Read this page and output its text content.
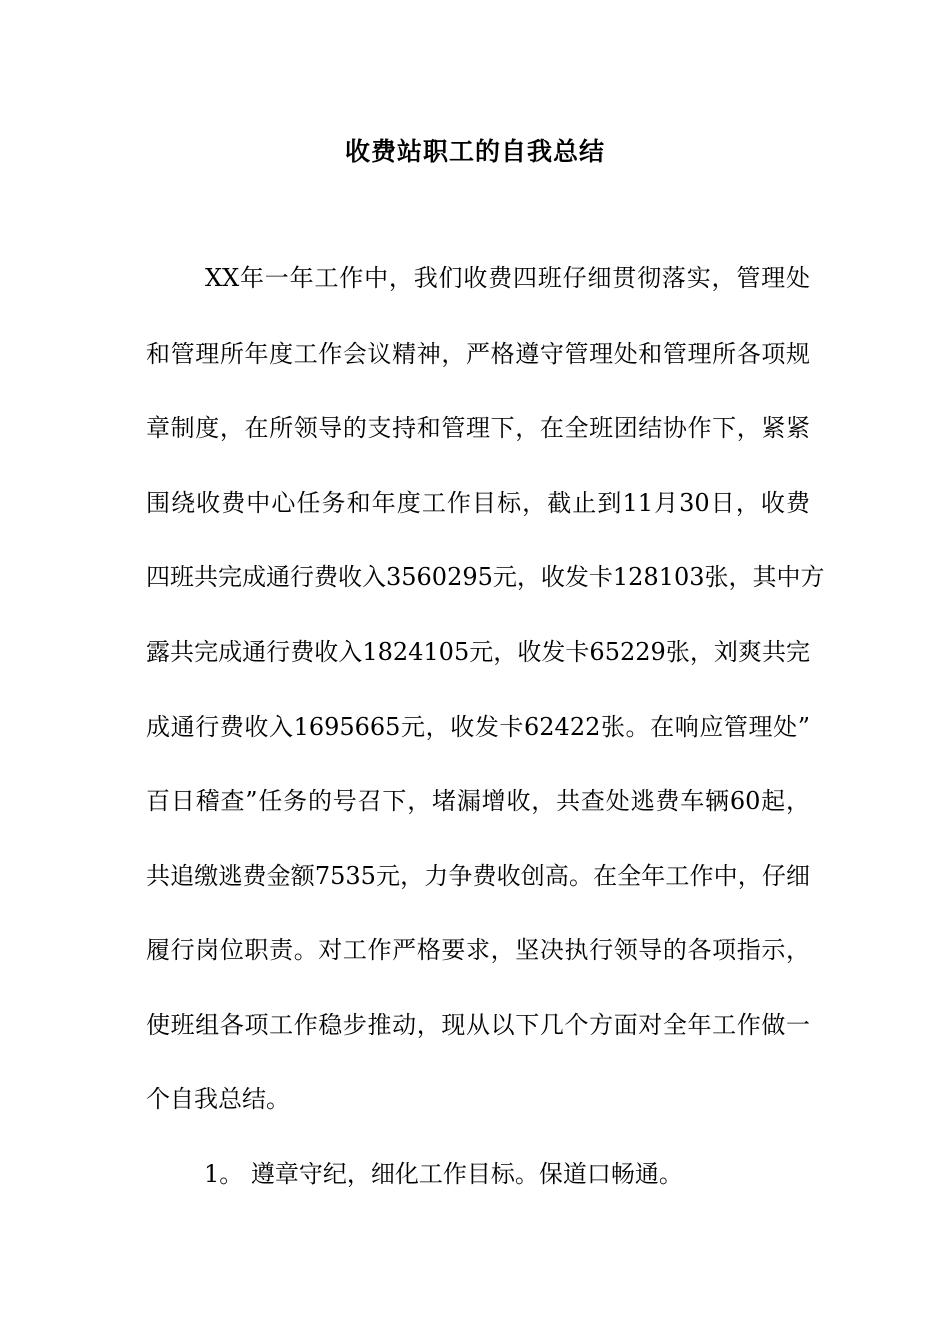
收费站职工的自我总结
XX年一年工作中，我们收费四班仔细贯彻落实，管理处
和管理所年度工作会议精神，严格遵守管理处和管理所各项规
章制度，在所领导的支持和管理下，在全班团结协作下，紧紧
围绕收费中心任务和年度工作目标，截止到11月30日，收费
四班共完成通行费收入3560295元，收发卡128103张，其中方
露共完成通行费收入1824105元，收发卡65229张，刘爽共完
成通行费收入1695665元，收发卡62422张。在响应管理处”
百日稽查”任务的号召下，堵漏增收，共查处逃费车辆60起，
共追缴逃费金额7535元，力争费收创高。在全年工作中，仔细
履行岗位职责。对工作严格要求，坚决执行领导的各项指示，
使班组各项工作稳步推动，现从以下几个方面对全年工作做一
个自我总结。
1。 遵章守纪，细化工作目标。保道口畅通。
